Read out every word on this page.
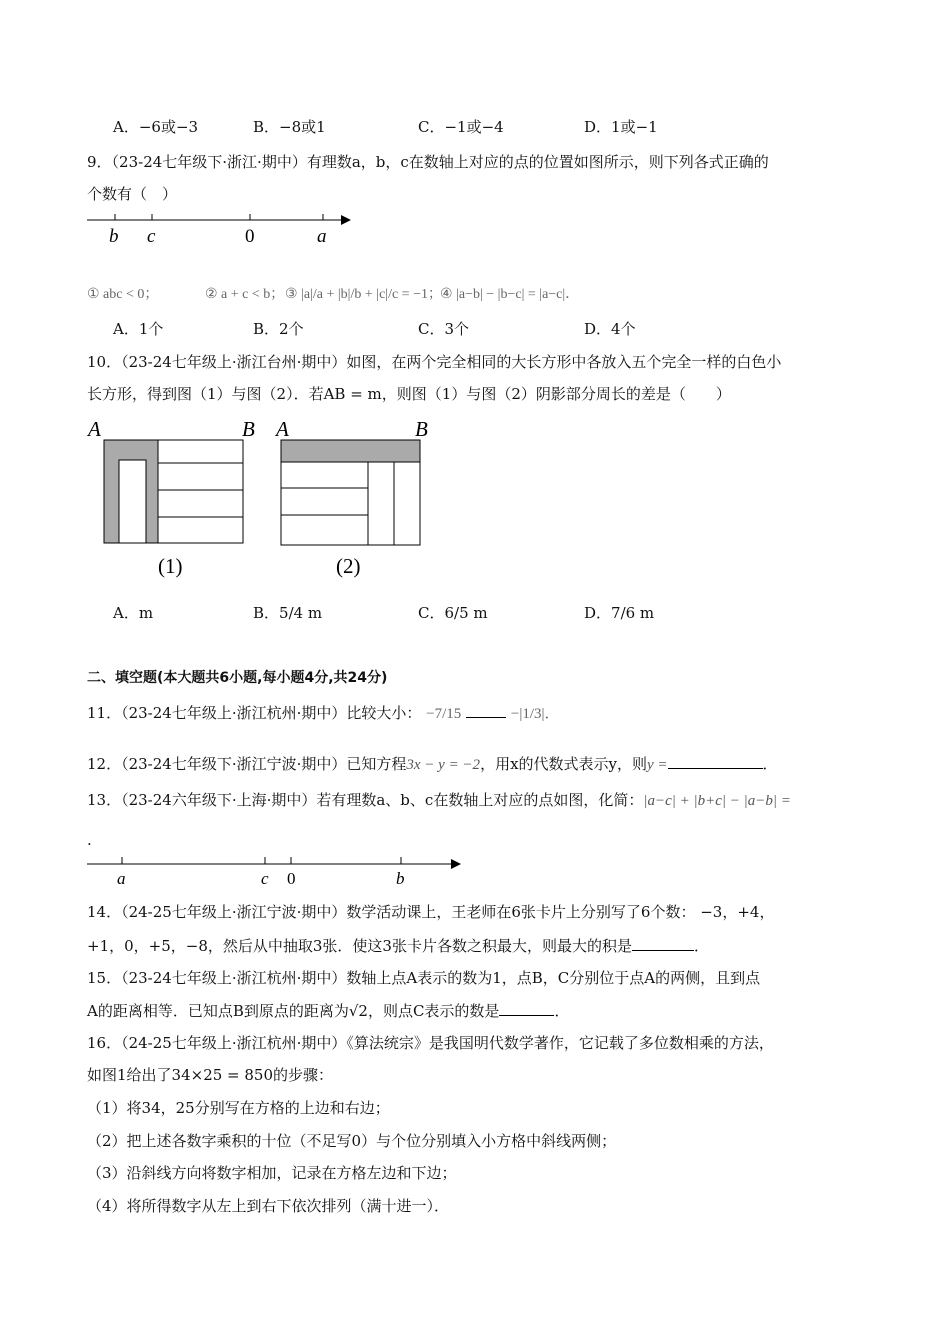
A．−6或−3	B．−8或1	C．−1或−4	D．1或−1
9．（23-24七年级下·浙江·期中）有理数a，b，c在数轴上对应的点的位置如图所示，则下列各式正确的
个数有（　）
b c	0	a
① abc < 0；	② a + c < b； ③ |a|/a + |b|/b + |c|/c = −1；
④ |a−b| − |b−c| = |a−c|．
A．1个	B．2个	C．3个	D．4个
10．（23-24七年级上·浙江台州·期中）如图，在两个完全相同的大长方形中各放入五个完全一样的白色小
长方形，得到图（1）与图（2）．若AB = m，则图（1）与图（2）阴影部分周长的差是（　　）
A	B A	B
(1)	(2)
A．m	B．5/4 m	C．6/5 m	D．7/6 m
二、填空题(本大题共6小题,每小题4分,共24分)
11．（23-24七年级上·浙江杭州·期中）比较大小： −7/15	−|1/3|．
12．（23-24七年级下·浙江宁波·期中）已知方程3x − y = −2，用x的代数式表示y，则y =	．
13．（23-24六年级下·上海·期中）若有理数a、b、c在数轴上对应的点如图，化简：|a−c| + |b+c| − |a−b| =
.
a	c 0	b
14．（24-25七年级上·浙江宁波·期中）数学活动课上，王老师在6张卡片上分别写了6个数： −3，+4，
+1，0，+5，−8，然后从中抽取3张．使这3张卡片各数之积最大，则最大的积是	．
15．（23-24七年级上·浙江杭州·期中）数轴上点A表示的数为1，点B，C分别位于点A的两侧，且到点
A的距离相等．已知点B到原点的距离为√2，则点C表示的数是	．
16．（24-25七年级上·浙江杭州·期中）《算法统宗》是我国明代数学著作，它记载了多位数相乘的方法，
如图1给出了34×25 = 850的步骤：
（1）将34，25分别写在方格的上边和右边；
（2）把上述各数字乘积的十位（不足写0）与个位分别填入小方格中斜线两侧；
（3）沿斜线方向将数字相加，记录在方格左边和下边；
（4）将所得数字从左上到右下依次排列（满十进一）．
